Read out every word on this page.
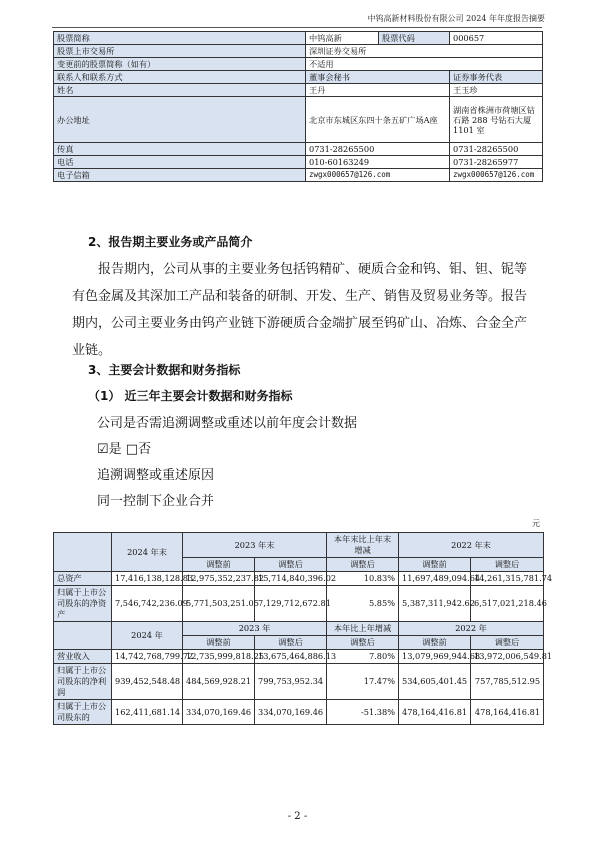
中钨高新材料股份有限公司 2024 年年度报告摘要
股票简称	中钨高新	股票代码	000657
股票上市交易所	深圳证券交易所		
变更前的股票简称（如有）	不适用		
联系人和联系方式	董事会秘书		证券事务代表
姓名	王丹		王玉珍
办公地址	北京市东城区东四十条五矿广场A座		湖南省株洲市荷塘区钻石路 288 号钻石大厦 1101 室
传真	0731-28265500		0731-28265500
电话	010-60163249		0731-28265977
电子信箱	zwgx000657@126.com		zwgx000657@126.com
2、报告期主要业务或产品简介
报告期内，公司从事的主要业务包括钨精矿、硬质合金和钨、钼、钽、铌等有色金属及其深加工产品和装备的研制、开发、生产、销售及贸易业务等。报告期内，公司主要业务由钨产业链下游硬质合金端扩展至钨矿山、冶炼、合金全产业链。
3、主要会计数据和财务指标
（1） 近三年主要会计数据和财务指标
公司是否需追溯调整或重述以前年度会计数据
☑是 □否
追溯调整或重述原因
同一控制下企业合并
元
	2024 年末	2023 年末		本年末比上年末增减	2022 年末	
		调整前	调整后	调整后	调整前	调整后
总资产	17,416,138,128.83	12,975,352,237.82	15,714,840,396.02	10.83%	11,697,489,094.64	14,261,315,781.74
归属于上市公司股东的净资产	7,546,742,236.09	5,771,503,251.05	7,129,712,672.81	5.85%	5,387,311,942.62	6,517,021,218.46
	2024 年	2023 年		本年比上年增减	2022 年	
		调整前	调整后	调整后	调整前	调整后
营业收入	14,742,768,799.72	12,735,999,818.25	13,675,464,886.13	7.80%	13,079,969,944.68	13,972,006,549.81
归属于上市公司股东的净利润	939,452,548.48	484,569,928.21	799,753,952.34	17.47%	534,605,401.45	757,785,512.95
归属于上市公司股东的	162,411,681.14	334,070,169.46	334,070,169.46	-51.38%	478,164,416.81	478,164,416.81
- 2 -
